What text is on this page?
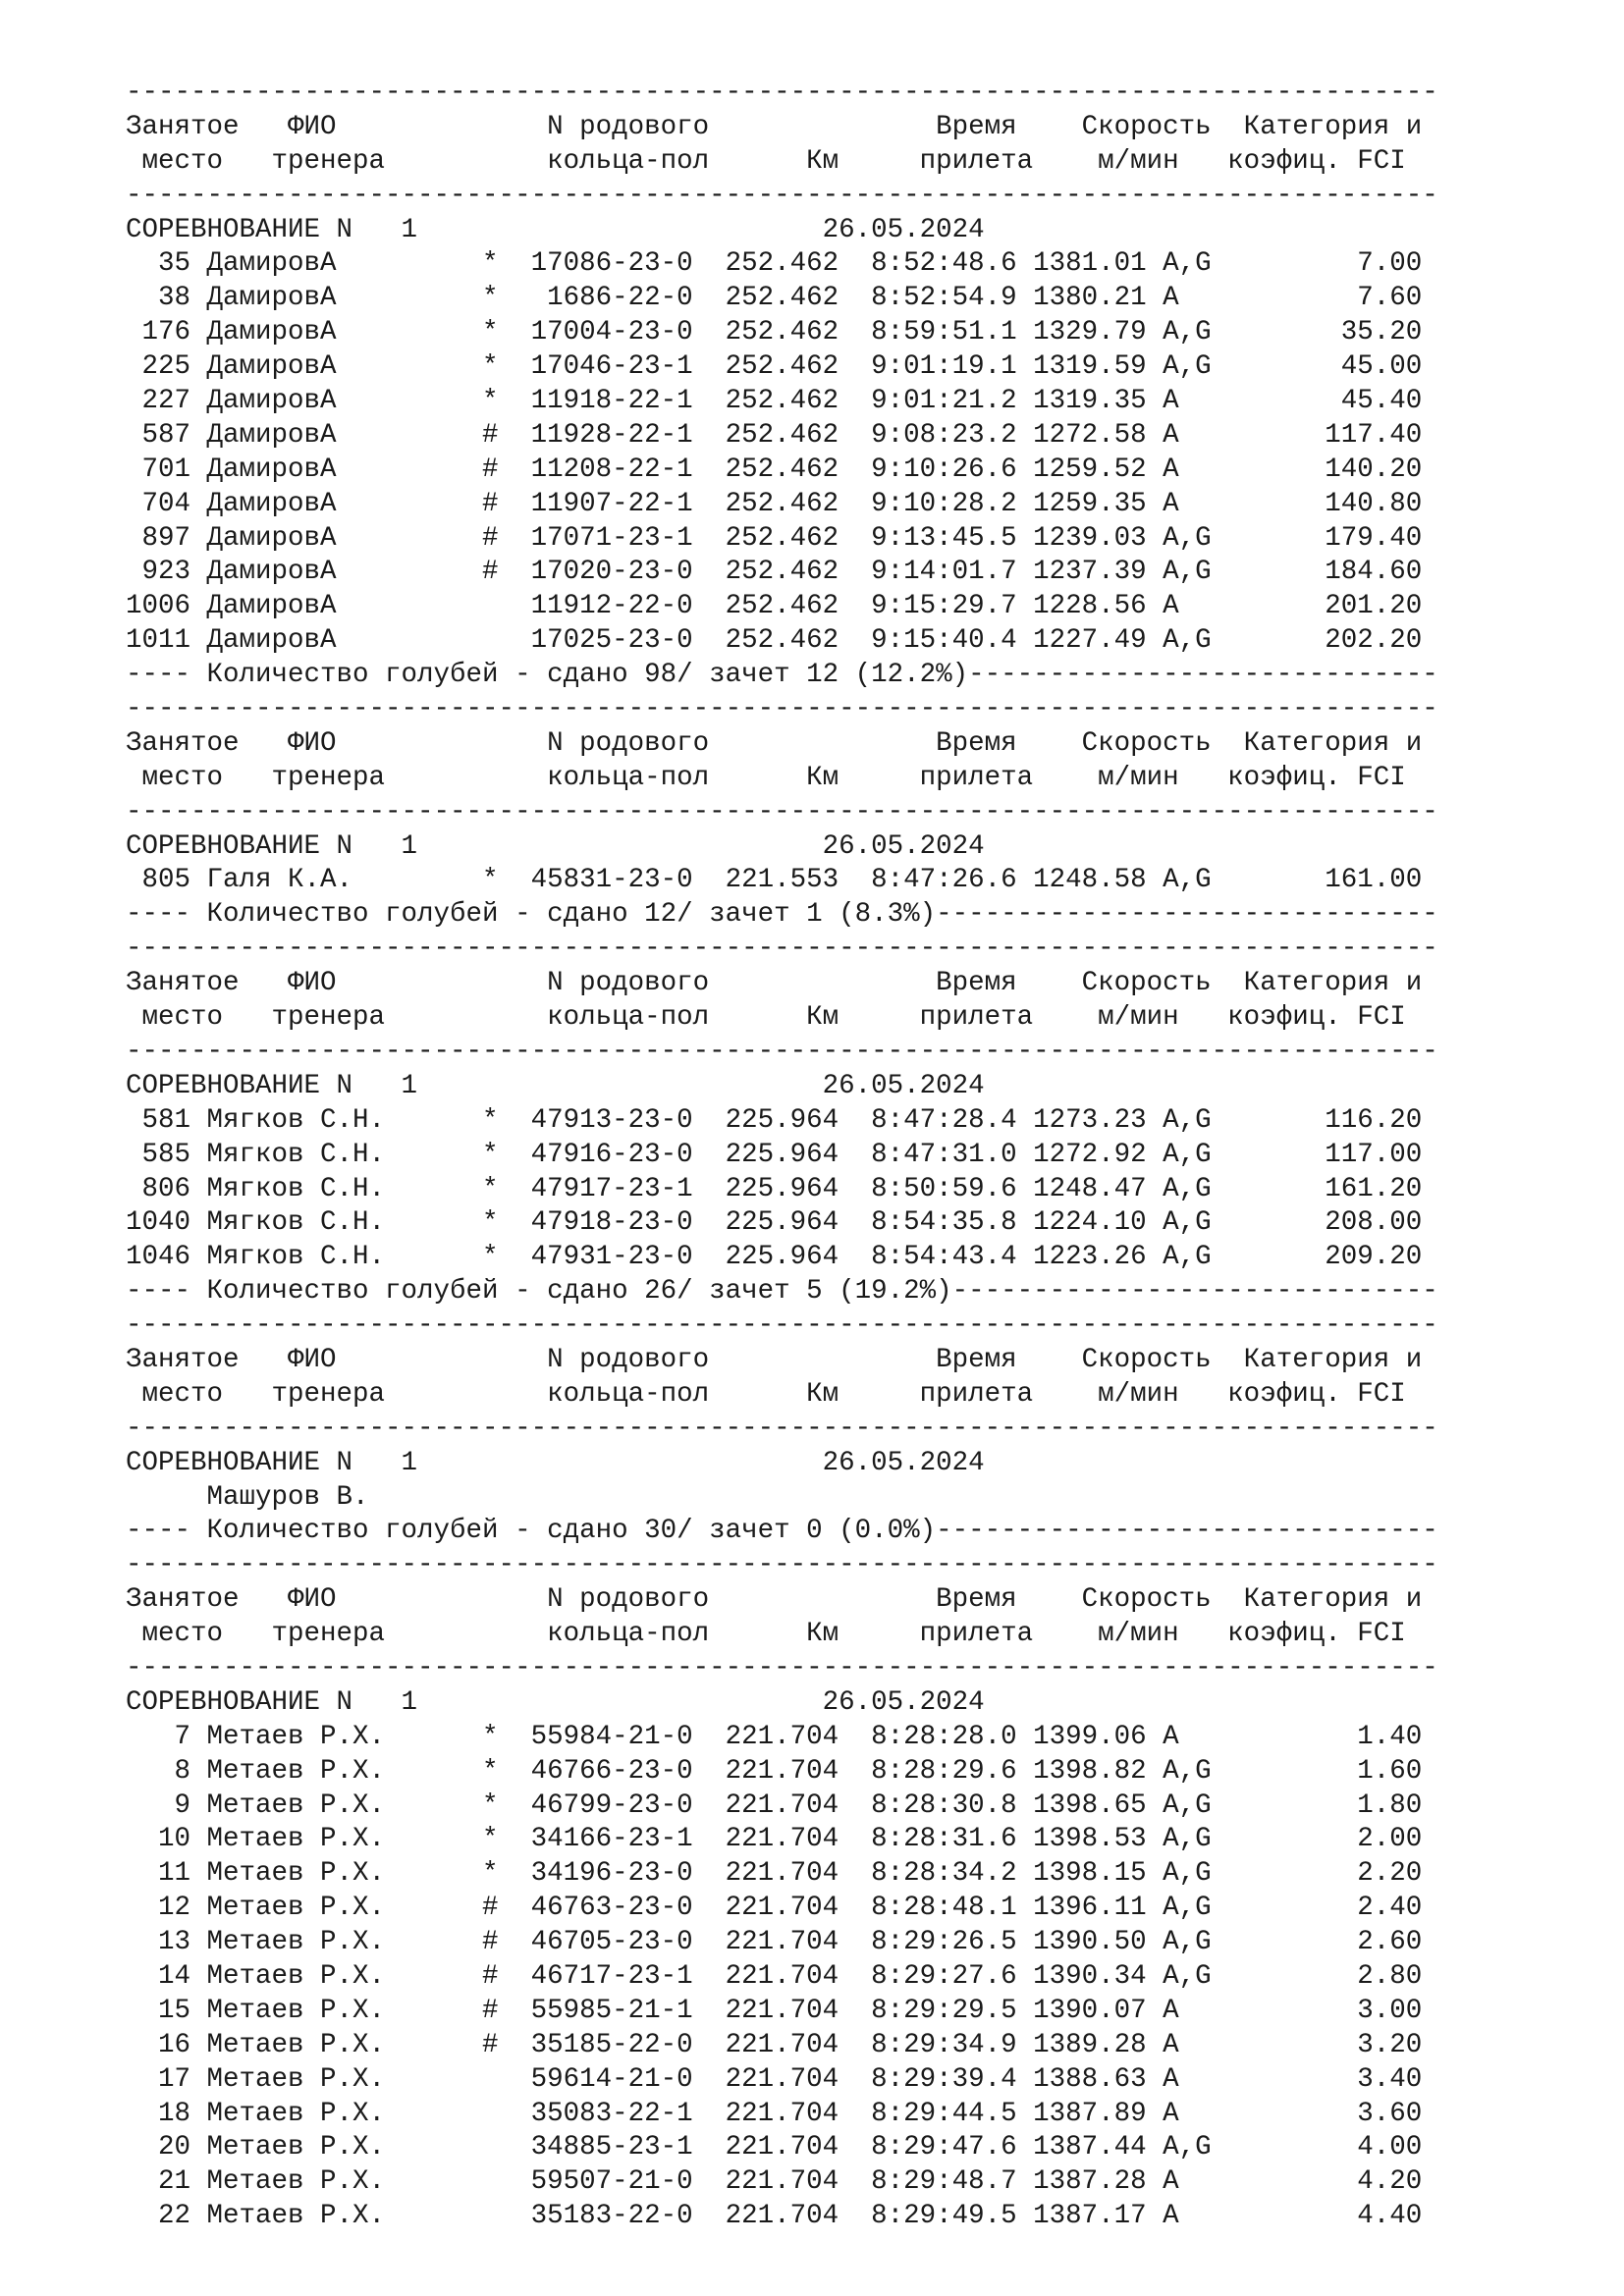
---------------------------------------------------------------------------------
Занятое   ФИО             N родового              Время    Скорость  Категория и
место   тренера          кольца-пол      Км     прилета    м/мин   коэфиц. FCI
---------------------------------------------------------------------------------
СОРЕВНОВАНИЕ N   1                         26.05.2024
35 ДамировА         *  17086-23-0  252.462  8:52:48.6 1381.01 A,G         7.00
38 ДамировА         *   1686-22-0  252.462  8:52:54.9 1380.21 A           7.60
176 ДамировА         *  17004-23-0  252.462  8:59:51.1 1329.79 A,G        35.20
225 ДамировА         *  17046-23-1  252.462  9:01:19.1 1319.59 A,G        45.00
227 ДамировА         *  11918-22-1  252.462  9:01:21.2 1319.35 A          45.40
587 ДамировА         #  11928-22-1  252.462  9:08:23.2 1272.58 A         117.40
701 ДамировА         #  11208-22-1  252.462  9:10:26.6 1259.52 A         140.20
704 ДамировА         #  11907-22-1  252.462  9:10:28.2 1259.35 A         140.80
897 ДамировА         #  17071-23-1  252.462  9:13:45.5 1239.03 A,G       179.40
923 ДамировА         #  17020-23-0  252.462  9:14:01.7 1237.39 A,G       184.60
1006 ДамировА            11912-22-0  252.462  9:15:29.7 1228.56 A         201.20
1011 ДамировА            17025-23-0  252.462  9:15:40.4 1227.49 A,G       202.20
---- Количество голубей - сдано 98/ зачет 12 (12.2%)-----------------------------
---------------------------------------------------------------------------------
Занятое   ФИО             N родового              Время    Скорость  Категория и
место   тренера          кольца-пол      Км     прилета    м/мин   коэфиц. FCI
---------------------------------------------------------------------------------
СОРЕВНОВАНИЕ N   1                         26.05.2024
805 Галя К.А.        *  45831-23-0  221.553  8:47:26.6 1248.58 A,G       161.00
---- Количество голубей - сдано 12/ зачет 1 (8.3%)-------------------------------
---------------------------------------------------------------------------------
Занятое   ФИО             N родового              Время    Скорость  Категория и
место   тренера          кольца-пол      Км     прилета    м/мин   коэфиц. FCI
---------------------------------------------------------------------------------
СОРЕВНОВАНИЕ N   1                         26.05.2024
581 Мягков С.Н.      *  47913-23-0  225.964  8:47:28.4 1273.23 A,G       116.20
585 Мягков С.Н.      *  47916-23-0  225.964  8:47:31.0 1272.92 A,G       117.00
806 Мягков С.Н.      *  47917-23-1  225.964  8:50:59.6 1248.47 A,G       161.20
1040 Мягков С.Н.      *  47918-23-0  225.964  8:54:35.8 1224.10 A,G       208.00
1046 Мягков С.Н.      *  47931-23-0  225.964  8:54:43.4 1223.26 A,G       209.20
---- Количество голубей - сдано 26/ зачет 5 (19.2%)------------------------------
---------------------------------------------------------------------------------
Занятое   ФИО             N родового              Время    Скорость  Категория и
место   тренера          кольца-пол      Км     прилета    м/мин   коэфиц. FCI
---------------------------------------------------------------------------------
СОРЕВНОВАНИЕ N   1                         26.05.2024
Машуров В.
---- Количество голубей - сдано 30/ зачет 0 (0.0%)-------------------------------
---------------------------------------------------------------------------------
Занятое   ФИО             N родового              Время    Скорость  Категория и
место   тренера          кольца-пол      Км     прилета    м/мин   коэфиц. FCI
---------------------------------------------------------------------------------
СОРЕВНОВАНИЕ N   1                         26.05.2024
7 Метаев Р.Х.      *  55984-21-0  221.704  8:28:28.0 1399.06 A           1.40
8 Метаев Р.Х.      *  46766-23-0  221.704  8:28:29.6 1398.82 A,G         1.60
9 Метаев Р.Х.      *  46799-23-0  221.704  8:28:30.8 1398.65 A,G         1.80
10 Метаев Р.Х.      *  34166-23-1  221.704  8:28:31.6 1398.53 A,G         2.00
11 Метаев Р.Х.      *  34196-23-0  221.704  8:28:34.2 1398.15 A,G         2.20
12 Метаев Р.Х.      #  46763-23-0  221.704  8:28:48.1 1396.11 A,G         2.40
13 Метаев Р.Х.      #  46705-23-0  221.704  8:29:26.5 1390.50 A,G         2.60
14 Метаев Р.Х.      #  46717-23-1  221.704  8:29:27.6 1390.34 A,G         2.80
15 Метаев Р.Х.      #  55985-21-1  221.704  8:29:29.5 1390.07 A           3.00
16 Метаев Р.Х.      #  35185-22-0  221.704  8:29:34.9 1389.28 A           3.20
17 Метаев Р.Х.         59614-21-0  221.704  8:29:39.4 1388.63 A           3.40
18 Метаев Р.Х.         35083-22-1  221.704  8:29:44.5 1387.89 A           3.60
20 Метаев Р.Х.         34885-23-1  221.704  8:29:47.6 1387.44 A,G         4.00
21 Метаев Р.Х.         59507-21-0  221.704  8:29:48.7 1387.28 A           4.20
22 Метаев Р.Х.         35183-22-0  221.704  8:29:49.5 1387.17 A           4.40
